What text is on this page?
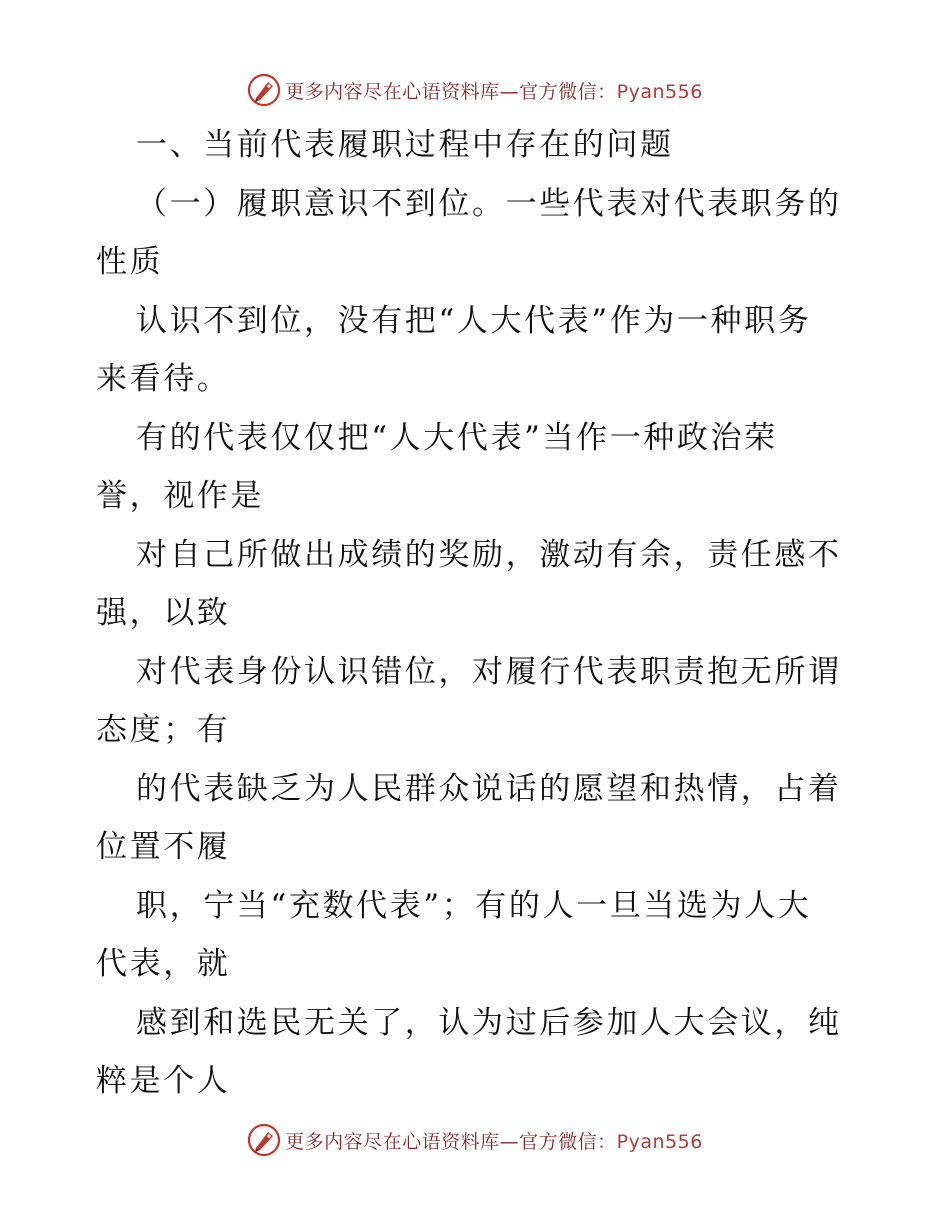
更多内容尽在心语资料库—官方微信：Pyan556
一、当前代表履职过程中存在的问题
（一）履职意识不到位。一些代表对代表职务的
性质
认识不到位，没有把“人大代表”作为一种职务
来看待。
有的代表仅仅把“人大代表”当作一种政治荣
誉，视作是
对自己所做出成绩的奖励，激动有余，责任感不
强，以致
对代表身份认识错位，对履行代表职责抱无所谓
态度；有
的代表缺乏为人民群众说话的愿望和热情，占着
位置不履
职，宁当“充数代表”；有的人一旦当选为人大
代表，就
感到和选民无关了，认为过后参加人大会议，纯
粹是个人
更多内容尽在心语资料库—官方微信：Pyan556
